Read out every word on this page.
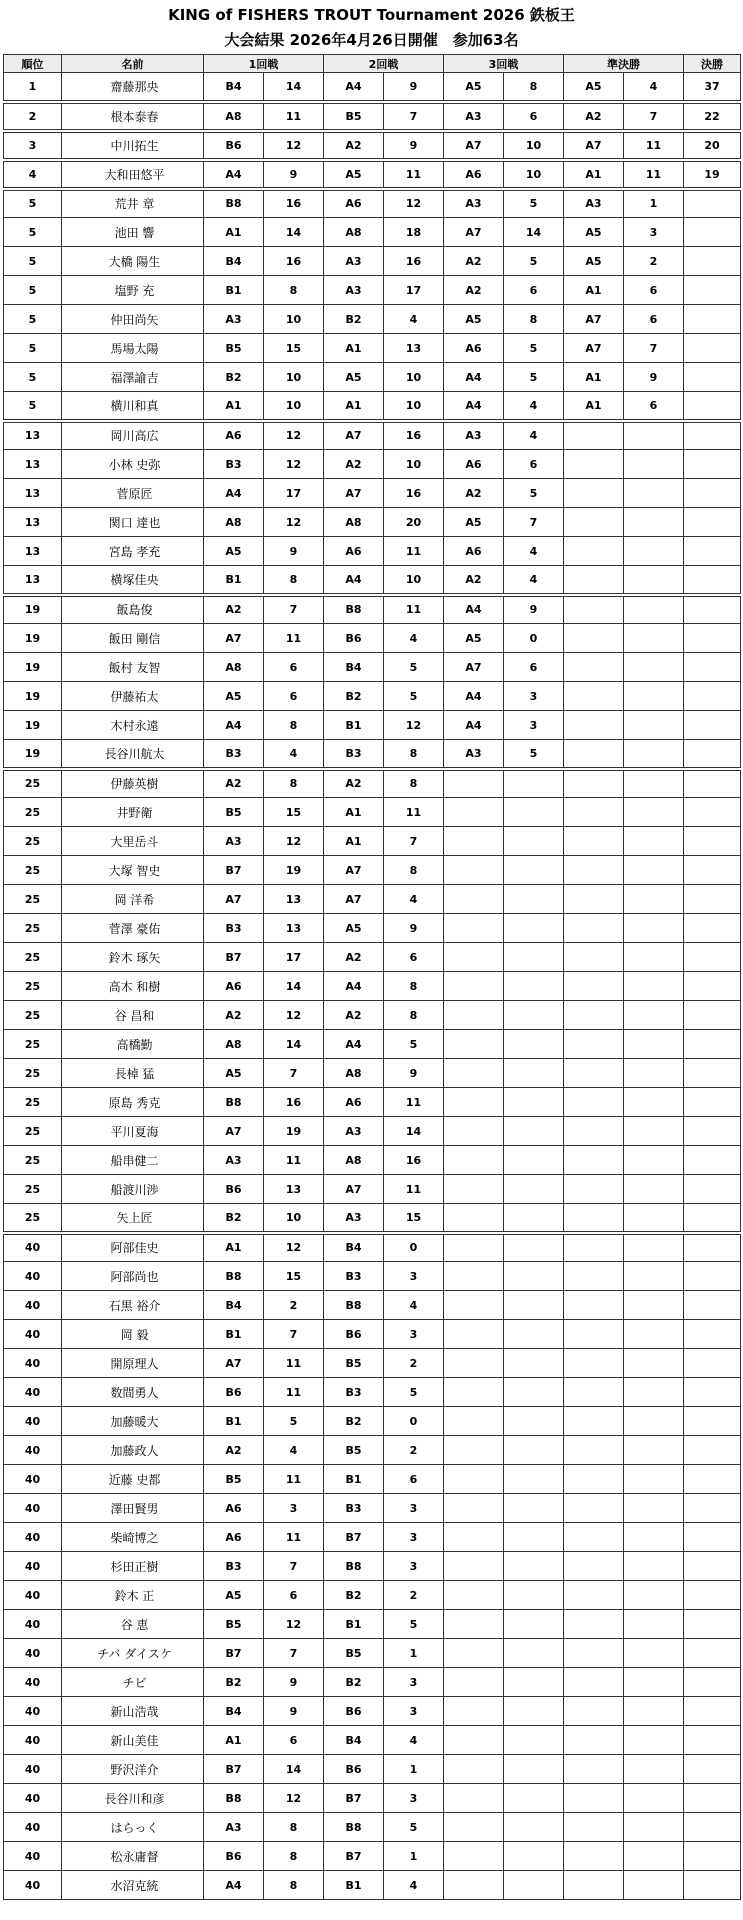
KING of FISHERS TROUT Tournament 2026 鉄板王
大会結果 2026年4月26日開催　参加63名
順位	名前	1回戦		2回戦		3回戦		準決勝		決勝
1	齋藤那央	B4	14	A4	9	A5	8	A5	4	37
2	根本泰春	A8	11	B5	7	A3	6	A2	7	22
3	中川拓生	B6	12	A2	9	A7	10	A7	11	20
4	大和田悠平	A4	9	A5	11	A6	10	A1	11	19
5	荒井 章	B8	16	A6	12	A3	5	A3	1	
5	池田 響	A1	14	A8	18	A7	14	A5	3	
5	大橋 陽生	B4	16	A3	16	A2	5	A5	2	
5	塩野 充	B1	8	A3	17	A2	6	A1	6	
5	仲田尚矢	A3	10	B2	4	A5	8	A7	6	
5	馬場太陽	B5	15	A1	13	A6	5	A7	7	
5	福澤諭吉	B2	10	A5	10	A4	5	A1	9	
5	横川和真	A1	10	A1	10	A4	4	A1	6	
13	岡川高広	A6	12	A7	16	A3	4			
13	小林 史弥	B3	12	A2	10	A6	6			
13	菅原匠	A4	17	A7	16	A2	5			
13	関口 達也	A8	12	A8	20	A5	7			
13	宮島 孝充	A5	9	A6	11	A6	4			
13	横塚佳央	B1	8	A4	10	A2	4			
19	飯島俊	A2	7	B8	11	A4	9			
19	飯田 剛信	A7	11	B6	4	A5	0			
19	飯村 友智	A8	6	B4	5	A7	6			
19	伊藤祐太	A5	6	B2	5	A4	3			
19	木村永遠	A4	8	B1	12	A4	3			
19	長谷川航太	B3	4	B3	8	A3	5			
25	伊藤英樹	A2	8	A2	8					
25	井野衛	B5	15	A1	11					
25	大里岳斗	A3	12	A1	7					
25	大塚 智史	B7	19	A7	8					
25	岡 洋希	A7	13	A7	4					
25	菅澤 豪佑	B3	13	A5	9					
25	鈴木 琢矢	B7	17	A2	6					
25	高木 和樹	A6	14	A4	8					
25	谷 昌和	A2	12	A2	8					
25	高橋勤	A8	14	A4	5					
25	長棹 猛	A5	7	A8	9					
25	原島 秀克	B8	16	A6	11					
25	平川夏海	A7	19	A3	14					
25	船串健二	A3	11	A8	16					
25	船渡川渉	B6	13	A7	11					
25	矢上匠	B2	10	A3	15					
40	阿部佳史	A1	12	B4	0					
40	阿部尚也	B8	15	B3	3					
40	石黒 裕介	B4	2	B8	4					
40	岡 毅	B1	7	B6	3					
40	開原理人	A7	11	B5	2					
40	数間勇人	B6	11	B3	5					
40	加藤暖大	B1	5	B2	0					
40	加藤政人	A2	4	B5	2					
40	近藤 史都	B5	11	B1	6					
40	澤田賢男	A6	3	B3	3					
40	柴崎博之	A6	11	B7	3					
40	杉田正樹	B3	7	B8	3					
40	鈴木 正	A5	6	B2	2					
40	谷 恵	B5	12	B1	5					
40	チバ ダイスケ	B7	7	B5	1					
40	チビ	B2	9	B2	3					
40	新山浩哉	B4	9	B6	3					
40	新山美佳	A1	6	B4	4					
40	野沢洋介	B7	14	B6	1					
40	長谷川和彦	B8	12	B7	3					
40	はらっく	A3	8	B8	5					
40	松永庸督	B6	8	B7	1					
40	水沼克統	A4	8	B1	4					
